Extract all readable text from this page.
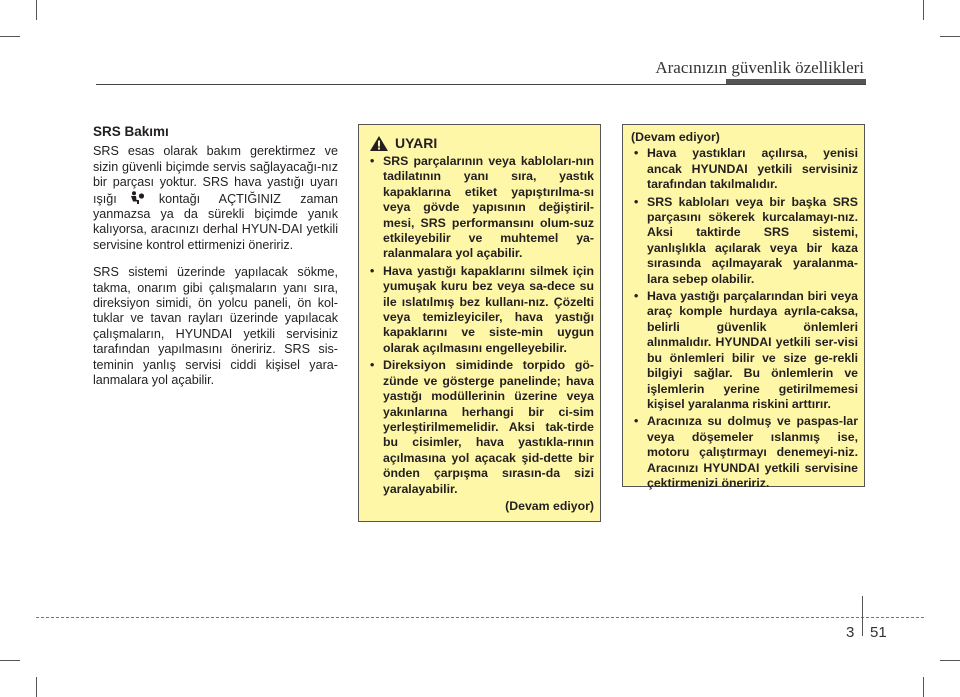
Aracınızın güvenlik özellikleri
SRS Bakımı

SRS esas olarak bakım gerektirmez ve sizin güvenli biçimde servis sağlayacağı-nız bir parçası yoktur. SRS hava yastığı uyarı ışığı	kontağı AÇTIĞINIZ zaman yanmazsa ya da sürekli biçimde yanık kalıyorsa, aracınızı derhal HYUN-DAI yetkili servisine kontrol ettirmenizi öneririz.

SRS sistemi üzerinde yapılacak sökme, takma, onarım gibi çalışmaların yanı sıra, direksiyon simidi, ön yolcu paneli, ön kol-tuklar ve tavan rayları üzerinde yapılacak çalışmaların, HYUNDAI yetkili servisiniz tarafından yapılmasını öneririz. SRS sis-teminin yanlış servisi ciddi kişisel yara-lanmalara yol açabilir.

UYARI
• SRS parçalarının veya kabloları-nın tadilatının yanı sıra, yastık kapaklarına etiket yapıştırılma-sı veya gövde yapısının değiştiril-mesi, SRS performansını olum-suz etkileyebilir ve muhtemel ya-ralanmalara yol açabilir.
• Hava yastığı kapaklarını silmek için yumuşak kuru bez veya sa-dece su ile ıslatılmış bez kullanı-nız. Çözelti veya temizleyiciler, hava yastığı kapaklarını ve siste-min uygun olarak açılmasını engelleyebilir.
• Direksiyon simidinde torpido gö-zünde ve gösterge panelinde; hava yastığı modüllerinin üzerine veya yakınlarına herhangi bir ci-sim yerleştirilmemelidir. Aksi tak-tirde bu cisimler, hava yastıkla-rının açılmasına yol açacak şid-dette bir önden çarpışma sırasın-da sizi yaralayabilir.
(Devam ediyor)
(Devam ediyor)
• Hava yastıkları açılırsa, yenisi ancak HYUNDAI yetkili servisiniz tarafından takılmalıdır.
• SRS kabloları veya bir başka SRS parçasını sökerek kurcalamayı-nız. Aksi taktirde SRS sistemi, yanlışlıkla açılarak veya bir kaza sırasında açılmayarak yaralanma-lara sebep olabilir.
• Hava yastığı parçalarından biri veya araç komple hurdaya ayrıla-caksa, belirli güvenlik önlemleri alınmalıdır. HYUNDAI yetkili ser-visi bu önlemleri bilir ve size ge-rekli bilgiyi sağlar. Bu önlemlerin ve işlemlerin yerine getirilmemesi kişisel yaralanma riskini arttırır.
• Aracınıza su dolmuş ve paspas-lar veya döşemeler ıslanmış ise, motoru çalıştırmayı denemeyi-niz. Aracınızı HYUNDAI yetkili servisine çektirmenizi öneririz.
3 51
